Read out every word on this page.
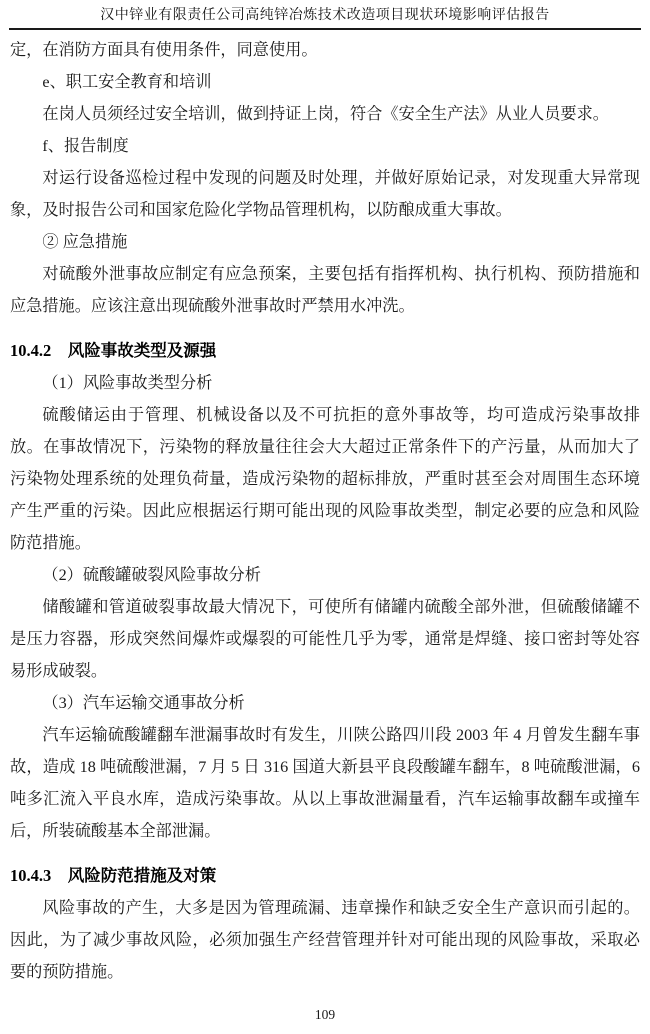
汉中锌业有限责任公司高纯锌冶炼技术改造项目现状环境影响评估报告

定，在消防方面具有使用条件，同意使用。

e、职工安全教育和培训

在岗人员须经过安全培训，做到持证上岗，符合《安全生产法》从业人员要求。

f、报告制度

对运行设备巡检过程中发现的问题及时处理，并做好原始记录，对发现重大异常现象，及时报告公司和国家危险化学物品管理机构，以防酿成重大事故。

② 应急措施

对硫酸外泄事故应制定有应急预案，主要包括有指挥机构、执行机构、预防措施和应急措施。应该注意出现硫酸外泄事故时严禁用水冲洗。

10.4.2　风险事故类型及源强

（1）风险事故类型分析

硫酸储运由于管理、机械设备以及不可抗拒的意外事故等，均可造成污染事故排放。在事故情况下，污染物的释放量往往会大大超过正常条件下的产污量，从而加大了污染物处理系统的处理负荷量，造成污染物的超标排放，严重时甚至会对周围生态环境产生严重的污染。因此应根据运行期可能出现的风险事故类型，制定必要的应急和风险防范措施。

（2）硫酸罐破裂风险事故分析

储酸罐和管道破裂事故最大情况下，可使所有储罐内硫酸全部外泄，但硫酸储罐不是压力容器，形成突然间爆炸或爆裂的可能性几乎为零，通常是焊缝、接口密封等处容易形成破裂。

（3）汽车运输交通事故分析

汽车运输硫酸罐翻车泄漏事故时有发生，川陕公路四川段 2003 年 4 月曾发生翻车事故，造成 18 吨硫酸泄漏，7 月 5 日 316 国道大新县平良段酸罐车翻车，8 吨硫酸泄漏，6 吨多汇流入平良水库，造成污染事故。从以上事故泄漏量看，汽车运输事故翻车或撞车后，所装硫酸基本全部泄漏。

10.4.3　风险防范措施及对策

风险事故的产生，大多是因为管理疏漏、违章操作和缺乏安全生产意识而引起的。因此，为了减少事故风险，必须加强生产经营管理并针对可能出现的风险事故，采取必要的预防措施。

109
